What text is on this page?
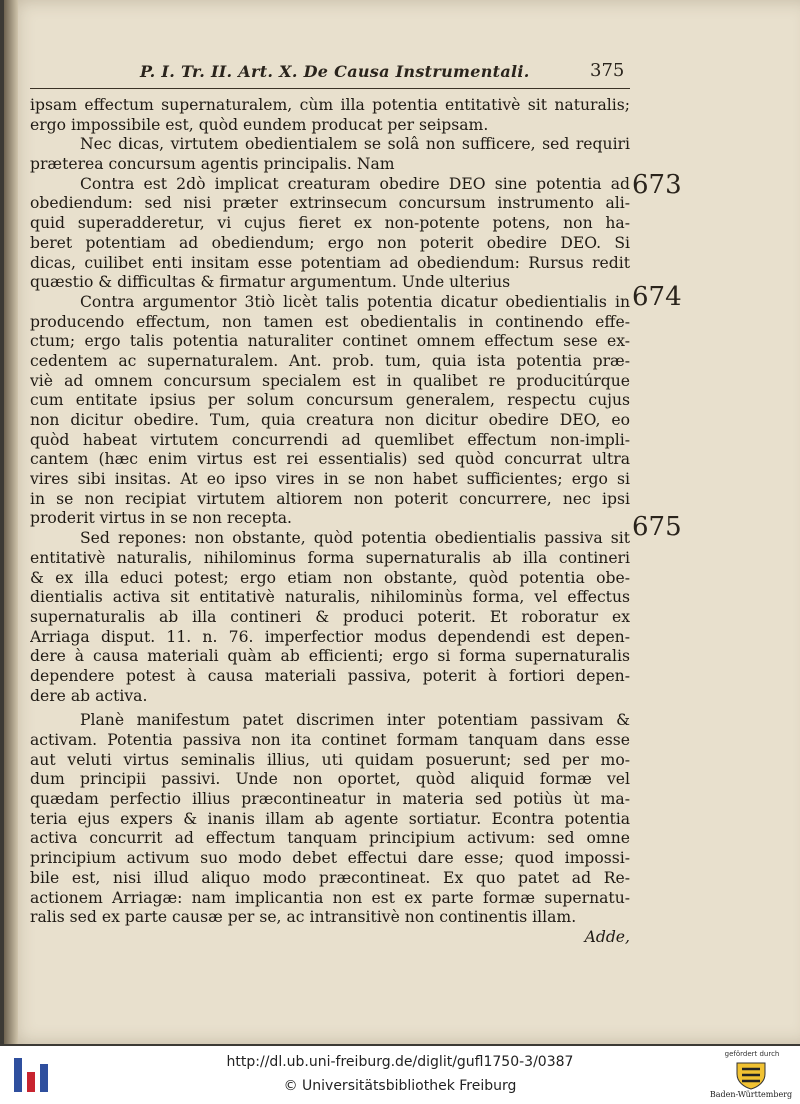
P. I. Tr. II. Art. X. De Causa Instrumentali.	375
ipsam effectum supernaturalem, cùm illa potentia entitativè sit naturalis;
ergo impossibile est, quòd eundem producat per seipsam.
Nec dicas, virtutem obedientialem se solâ non sufficere, sed requiri
præterea concursum agentis principalis. Nam
Contra est 2dò implicat creaturam obedire DEO sine potentia ad
obediendum: sed nisi præter extrinsecum concursum instrumento ali-
quid superadderetur, vi cujus fieret ex non-potente potens, non ha-
beret potentiam ad obediendum; ergo non poterit obedire DEO. Si
dicas, cuilibet enti insitam esse potentiam ad obediendum: Rursus redit
quæstio & difficultas & firmatur argumentum. Unde ulterius
Contra argumentor 3tiò licèt talis potentia dicatur obedientialis in
producendo effectum, non tamen est obedientalis in continendo effe-
ctum; ergo talis potentia naturaliter continet omnem effectum sese ex-
cedentem ac supernaturalem. Ant. prob. tum, quia ista potentia præ-
viè ad omnem concursum specialem est in qualibet re producitúrque
cum entitate ipsius per solum concursum generalem, respectu cujus
non dicitur obedire. Tum, quia creatura non dicitur obedire DEO, eo
quòd habeat virtutem concurrendi ad quemlibet effectum non-impli-
cantem (hæc enim virtus est rei essentialis) sed quòd concurrat ultra
vires sibi insitas. At eo ipso vires in se non habet sufficientes; ergo si
in se non recipiat virtutem altiorem non poterit concurrere, nec ipsi
proderit virtus in se non recepta.
Sed repones: non obstante, quòd potentia obedientialis passiva sit
entitativè naturalis, nihilominus forma supernaturalis ab illa contineri
& ex illa educi potest; ergo etiam non obstante, quòd potentia obe-
dientialis activa sit entitativè naturalis, nihilominùs forma, vel effectus
supernaturalis ab illa contineri & produci poterit. Et roboratur ex
Arriaga disput. 11. n. 76. imperfectior modus dependendi est depen-
dere à causa materiali quàm ab efficienti; ergo si forma supernaturalis
dependere potest à causa materiali passiva, poterit à fortiori depen-
dere ab activa.
Planè manifestum patet discrimen inter potentiam passivam &
activam. Potentia passiva non ita continet formam tanquam dans esse
aut veluti virtus seminalis illius, uti quidam posuerunt; sed per mo-
dum principii passivi. Unde non oportet, quòd aliquid formæ vel
quædam perfectio illius præcontineatur in materia sed potiùs ùt ma-
teria ejus expers & inanis illam ab agente sortiatur. Econtra potentia
activa concurrit ad effectum tanquam principium activum: sed omne
principium activum suo modo debet effectui dare esse; quod impossi-
bile est, nisi illud aliquo modo præcontineat. Ex quo patet ad Re-
actionem Arriagæ: nam implicantia non est ex parte formæ supernatu-
ralis sed ex parte causæ per se, ac intransitivè non continentis illam.
Adde,
673
674
675
http://dl.ub.uni-freiburg.de/diglit/gufl1750-3/0387
© Universitätsbibliothek Freiburg
gefördert durch
Baden-Württemberg
